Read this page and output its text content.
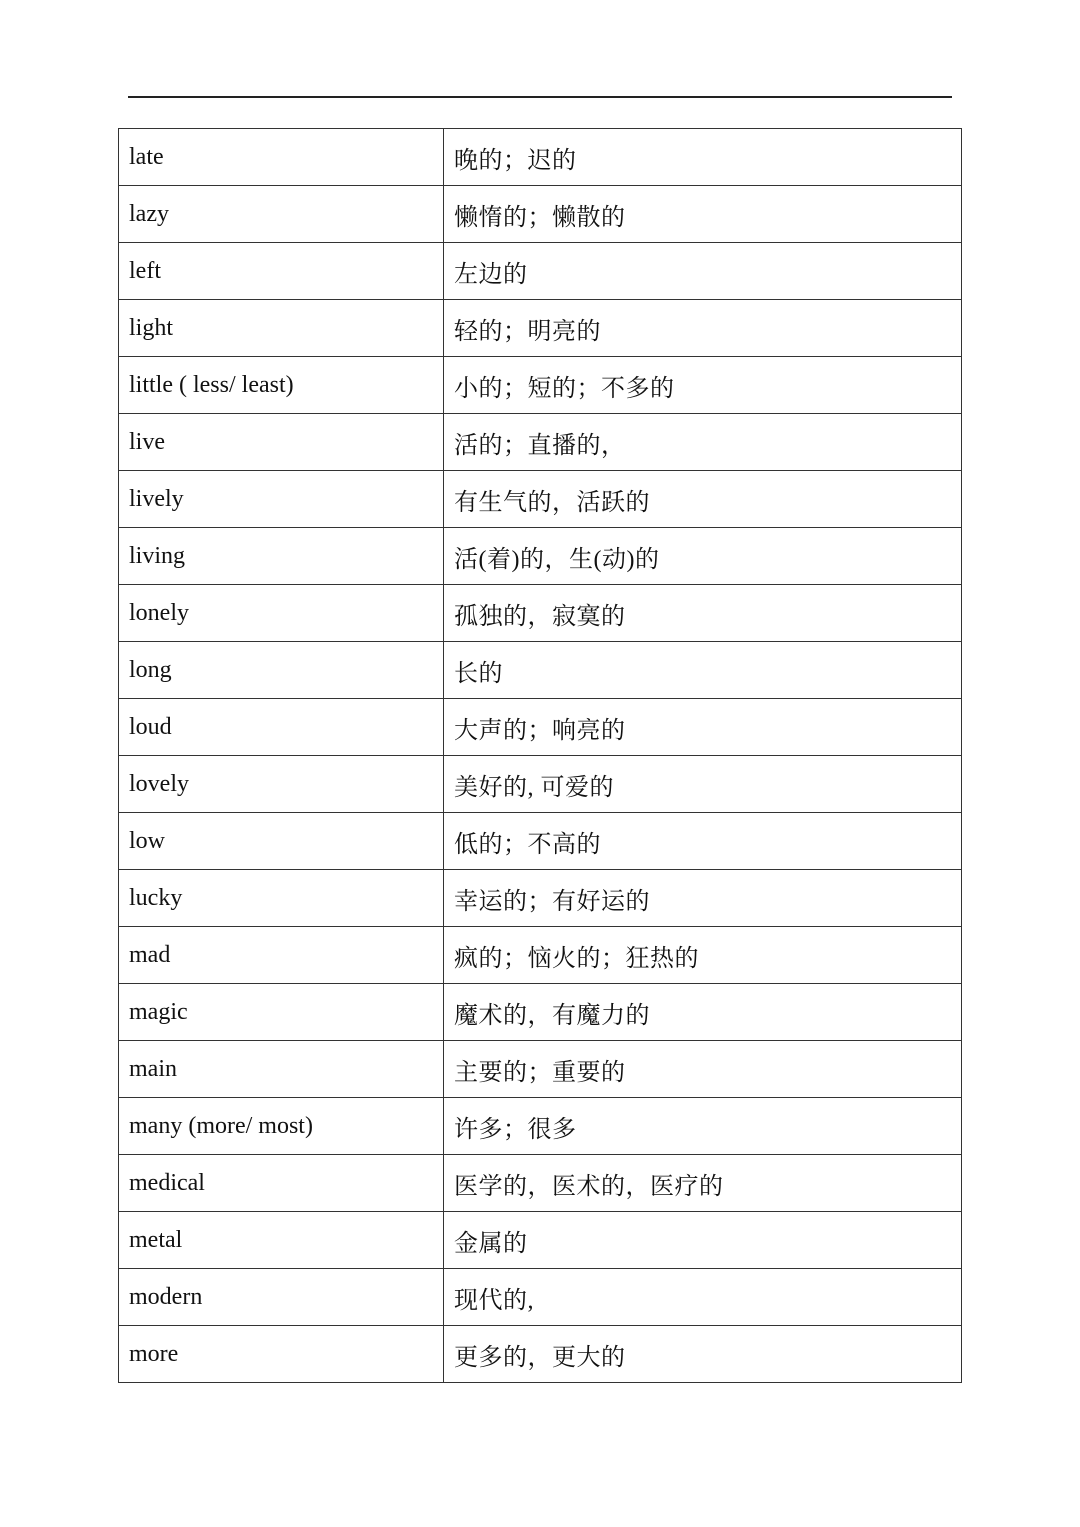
late	晚的；迟的
lazy	懒惰的；懒散的
left	左边的
light	轻的；明亮的
little ( less/ least)	小的；短的；不多的
live	活的；直播的，
lively	有生气的，活跃的
living	活(着)的，生(动)的
lonely	孤独的，寂寞的
long	长的
loud	大声的；响亮的
lovely	美好的, 可爱的
low	低的；不高的
lucky	幸运的；有好运的
mad	疯的；恼火的；狂热的
magic	魔术的，有魔力的
main	主要的；重要的
many (more/ most)	许多；很多
medical	医学的，医术的，医疗的
metal	金属的
modern	现代的,
more	更多的，更大的
